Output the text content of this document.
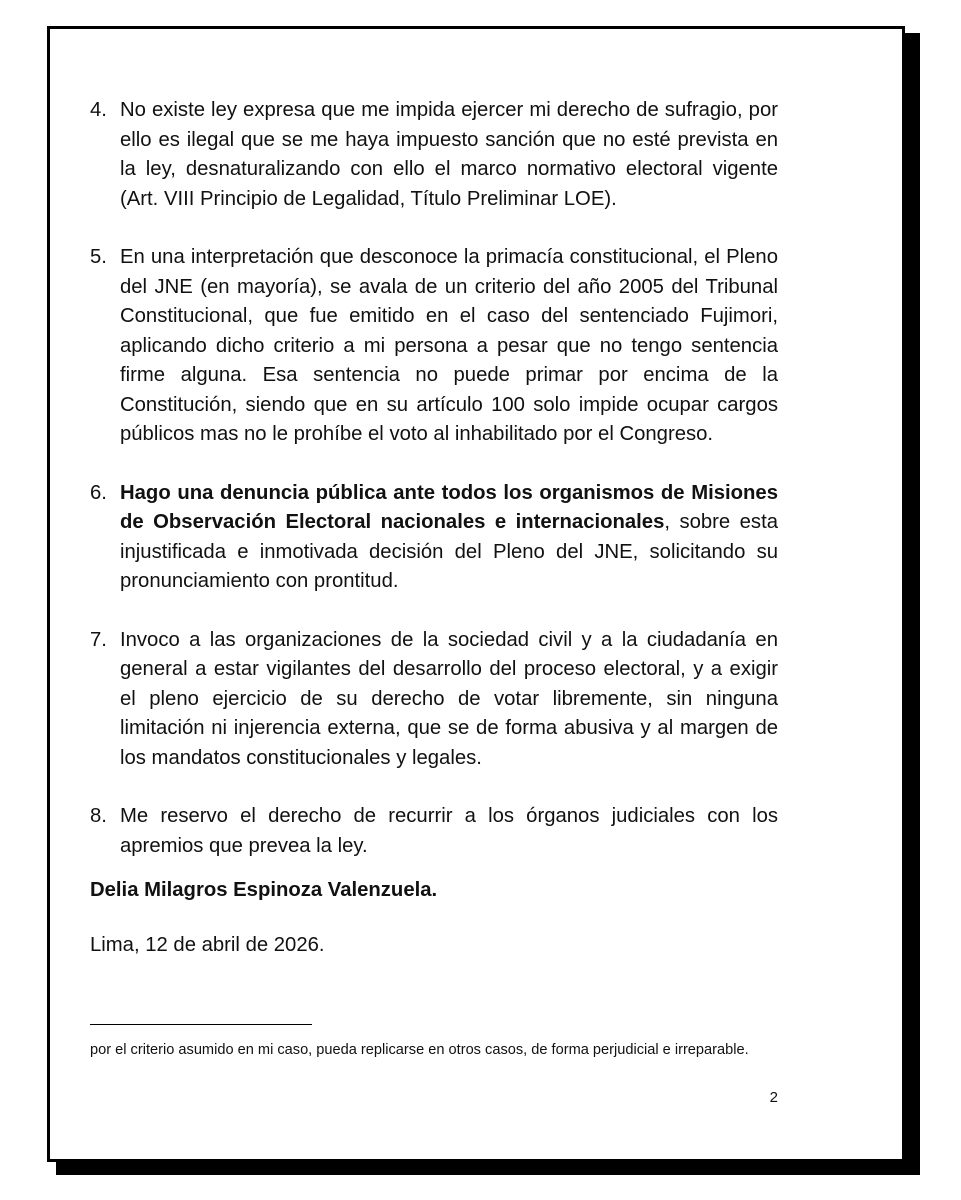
4. No existe ley expresa que me impida ejercer mi derecho de sufragio, por ello es ilegal que se me haya impuesto sanción que no esté prevista en la ley, desnaturalizando con ello el marco normativo electoral vigente (Art. VIII Principio de Legalidad, Título Preliminar LOE).
5. En una interpretación que desconoce la primacía constitucional, el Pleno del JNE (en mayoría), se avala de un criterio del año 2005 del Tribunal Constitucional, que fue emitido en el caso del sentenciado Fujimori, aplicando dicho criterio a mi persona a pesar que no tengo sentencia firme alguna. Esa sentencia no puede primar por encima de la Constitución, siendo que en su artículo 100 solo impide ocupar cargos públicos mas no le prohíbe el voto al inhabilitado por el Congreso.
6. Hago una denuncia pública ante todos los organismos de Misiones de Observación Electoral nacionales e internacionales, sobre esta injustificada e inmotivada decisión del Pleno del JNE, solicitando su pronunciamiento con prontitud.
7. Invoco a las organizaciones de la sociedad civil y a la ciudadanía en general a estar vigilantes del desarrollo del proceso electoral, y a exigir el pleno ejercicio de su derecho de votar libremente, sin ninguna limitación ni injerencia externa, que se de forma abusiva y al margen de los mandatos constitucionales y legales.
8. Me reservo el derecho de recurrir a los órganos judiciales con los apremios que prevea la ley.
Delia Milagros Espinoza Valenzuela.
Lima, 12 de abril de 2026.
por el criterio asumido en mi caso, pueda replicarse en otros casos, de forma perjudicial e irreparable.
2
